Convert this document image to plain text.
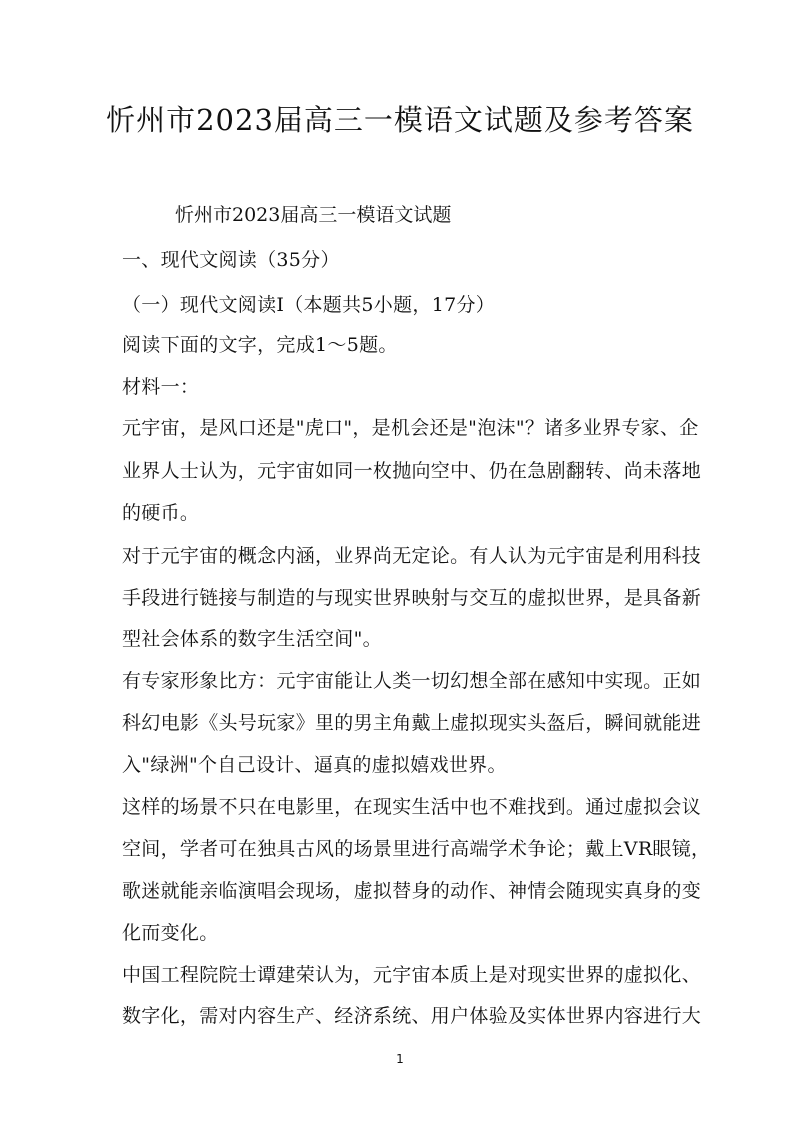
忻州市2023届高三一模语文试题及参考答案

忻州市2023届高三一模语文试题

一、现代文阅读（35分）

（一）现代文阅读Ⅰ（本题共5小题，17分）

阅读下面的文字，完成1～5题。

材料一：

元宇宙，是风口还是"虎口"，是机会还是"泡沫"？诸多业界专家、企

业界人士认为，元宇宙如同一枚抛向空中、仍在急剧翻转、尚未落地

的硬币。

对于元宇宙的概念内涵，业界尚无定论。有人认为元宇宙是利用科技

手段进行链接与制造的与现实世界映射与交互的虚拟世界，是具备新

型社会体系的数字生活空间"。

有专家形象比方：元宇宙能让人类一切幻想全部在感知中实现。正如

科幻电影《头号玩家》里的男主角戴上虚拟现实头盔后，瞬间就能进

入"绿洲"个自己设计、逼真的虚拟嬉戏世界。

这样的场景不只在电影里，在现实生活中也不难找到。通过虚拟会议

空间，学者可在独具古风的场景里进行高端学术争论；戴上VR眼镜，

歌迷就能亲临演唱会现场，虚拟替身的动作、神情会随现实真身的变

化而变化。

中国工程院院士谭建荣认为，元宇宙本质上是对现实世界的虚拟化、

数字化，需对内容生产、经济系统、用户体验及实体世界内容进行大

1
